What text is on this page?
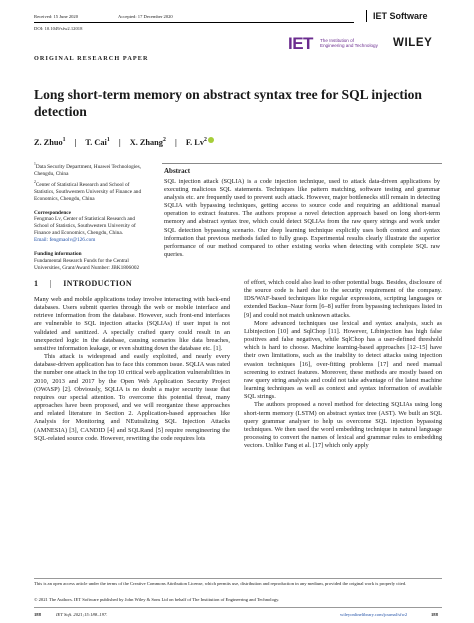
Received: 15 June 2020	Accepted: 17 December 2020
DOI: 10.1049/sfw2.12018
IET Software
ORIGINAL RESEARCH PAPER
IET The Institution of
Engineering and Technology WILEY
Long short-term memory on abstract syntax tree for SQL injection detection
Z. Zhuo$^1$ | T. Cai$^1$ | X. Zhang$^2$ | F. Lv$^2$
$^1$Data Security Department, Huawei Technologies, Chengdu, China
$^2$Center of Statistical Research and School of Statistics, Southwestern University of Finance and Economics, Chengdu, China
Correspondence
Fengmao Lv, Center of Statistical Research and School of Statistics, Southwestern University of Finance and Economics, Chengdu, China.
Email: fengmaolv@126.com
Funding information
Fundamental Research Funds for the Central Universities, Grant/Award Number: JBK1806002
Abstract
SQL injection attack (SQLIA) is a code injection technique, used to attack data-driven applications by executing malicious SQL statements. Techniques like pattern matching, software testing and grammar analysis etc. are frequently used to prevent such attack. However, major bottlenecks still remain in detecting SQLIA with bypassing techniques, getting access to source code and requiring an additional manual operation to extract features. The authors propose a novel detection approach based on long short-term memory and abstract syntax tree, which could detect SQLIAs from the raw query strings and work under SQL detection bypassing scenario. Our deep learning technique explicitly uses both context and syntax information that previous methods failed to fully grasp. Experimental results clearly illustrate the superior performance of our method compared to other existing works when detecting with complete SQL raw queries.
1 | INTRODUCTION

Many web and mobile applications today involve interacting with back-end databases. Users submit queries through the web or mobile interface and retrieve information from the database. However, such front-end interfaces are vulnerable to SQL injection attacks (SQLIAs) if user input is not validated and sanitized. A specially crafted query could result in an unexpected logic in the database, causing scenarios like data breaches, sensitive information leakage, or even shutting down the database etc. [1].

This attack is widespread and easily exploited, and nearly every database-driven application has to face this common issue. SQLIA was rated the number one attack in the top 10 critical web application vulnerabilities in 2010, 2013 and 2017 by the Open Web Application Security Project (OWASP) [2]. Obviously, SQLIA is no doubt a major security issue that requires our special attention. To overcome this potential threat, many approaches have been proposed, and we will reorganize these approaches and related literature in Section 2. Application-based approaches like Analysis for Monitoring and NEutralizing SQL Injection Attacks (AMNESIA) [3], CANDID [4] and SQLRand [5] require reengineering the SQL-related source code. However, rewriting the code requires lots

of effort, which could also lead to other potential bugs. Besides, disclosure of the source code is hard due to the security requirement of the company. IDS/WAF-based techniques like regular expressions, scripting languages or extended Backus–Naur form [6–8] suffer from bypassing techniques listed in [9] and could not match unknown attacks.

More advanced techniques use lexical and syntax analysis, such as Libinjection [10] and SqlChop [11]. However, Libinjection has high false positives and false negatives, while SqlChop has a user-defined threshold which is hard to choose. Machine learning-based approaches [12–15] have their own limitations, such as the inability to detect attacks using injection evasion techniques [16], over-fitting problems [17] and need manual screening to extract features. Moreover, these methods are mostly based on raw query string analysis and could not take advantage of the latest machine learning techniques as well as context and syntax information of available SQL strings.

The authors proposed a novel method for detecting SQLIAs using long short-term memory (LSTM) on abstract syntax tree (AST). We built an SQL query grammar analyser to help us overcome SQL injection bypassing techniques. We then used the word embedding technique in natural language processing to convert the names of lexical and grammar rules to embedding vectors. Unlike Fang et al. [17] which only apply

This is an open access article under the terms of the Creative Commons Attribution License, which permits use, distribution and reproduction in any medium, provided the original work is properly cited.
© 2021 The Authors. IET Software published by John Wiley & Sons Ltd on behalf of The Institution of Engineering and Technology.
188	IET Soft. 2021;15:188–197.	wileyonlinelibrary.com/journal/sfw2	188
